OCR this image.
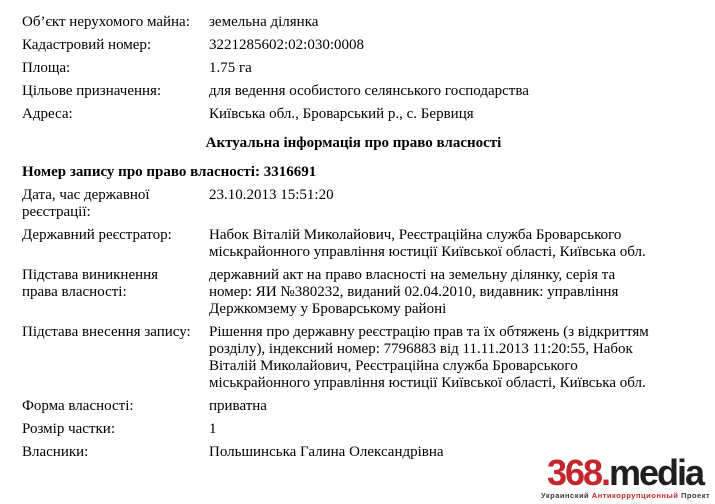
Об’єкт нерухомого майна:	земельна ділянка
Кадастровий номер:	3221285602:02:030:0008
Площа:	1.75 га
Цільове призначення:	для ведення особистого селянського господарства
Адреса:	Київська обл., Броварський р., с. Бервиця
Актуальна інформація про право власності
Номер запису про право власності: 3316691
Дата, час державної реєстрації:
23.10.2013 15:51:20
Державний реєстратор:	Набок Віталій Миколайович, Реєстраційна служба Броварського міськрайонного управління юстиції Київської області, Київська обл.
Підстава виникнення права власності:
державний акт на право власності на земельну ділянку, серія та номер: ЯИ №380232, виданий 02.04.2010, видавник: управління Держкомзему у Броварському районі
Підстава внесення запису:	Рішення про державну реєстрацію прав та їх обтяжень (з відкриттям розділу), індексний номер: 7796883 від 11.11.2013 11:20:55, Набок Віталій Миколайович, Реєстраційна служба Броварського міськрайонного управління юстиції Київської області, Київська обл.
Форма власності:	приватна
Розмір частки:	1
Власники:	Польшинська Галина Олександрівна	368.media
Украинский Антикоррупционный Проект
